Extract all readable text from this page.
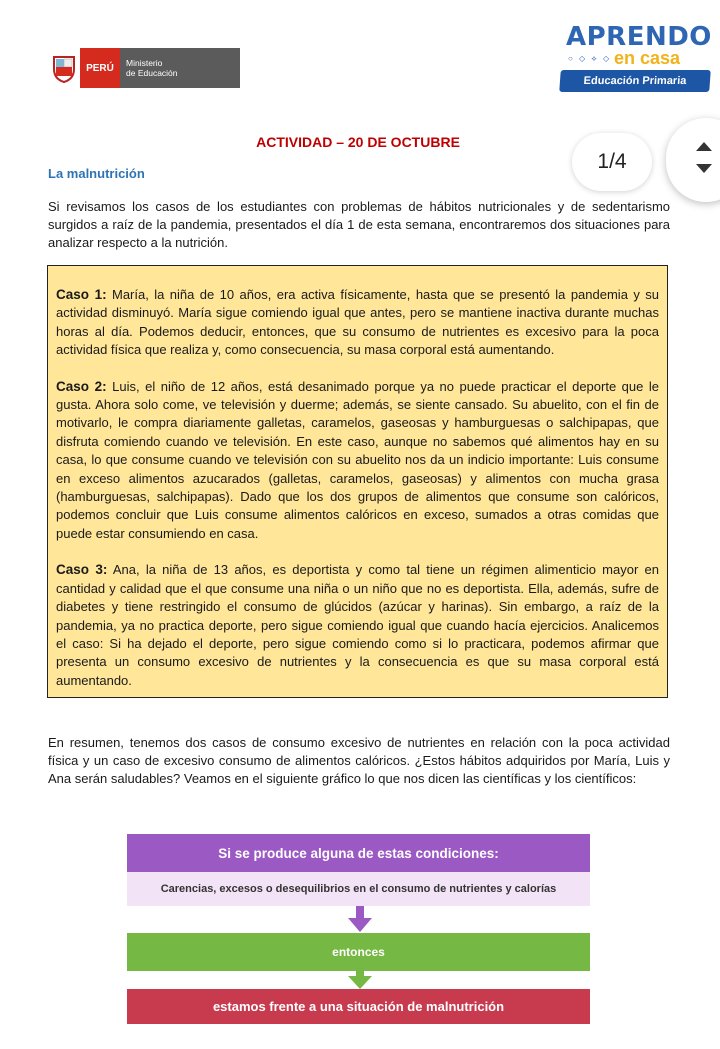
PERÚ	Ministerio
de Educación
APRENDO
○ ◇ ⟡ ◇ en casa
Educación Primaria
1/4
ACTIVIDAD – 20 DE OCTUBRE
La malnutrición
Si revisamos los casos de los estudiantes con problemas de hábitos nutricionales y de sedentarismo surgidos a raíz de la pandemia, presentados el día 1 de esta semana, encontraremos dos situaciones para analizar respecto a la nutrición.

Caso 1: María, la niña de 10 años, era activa físicamente, hasta que se presentó la pandemia y su actividad disminuyó. María sigue comiendo igual que antes, pero se mantiene inactiva durante muchas horas al día. Podemos deducir, entonces, que su consumo de nutrientes es excesivo para la poca actividad física que realiza y, como consecuencia, su masa corporal está aumentando.

Caso 2: Luis, el niño de 12 años, está desanimado porque ya no puede practicar el deporte que le gusta. Ahora solo come, ve televisión y duerme; además, se siente cansado. Su abuelito, con el fin de motivarlo, le compra diariamente galletas, caramelos, gaseosas y hamburguesas o salchipapas, que disfruta comiendo cuando ve televisión. En este caso, aunque no sabemos qué alimentos hay en su casa, lo que consume cuando ve televisión con su abuelito nos da un indicio importante: Luis consume en exceso alimentos azucarados (galletas, caramelos, gaseosas) y alimentos con mucha grasa (hamburguesas, salchipapas). Dado que los dos grupos de alimentos que consume son calóricos, podemos concluir que Luis consume alimentos calóricos en exceso, sumados a otras comidas que puede estar consumiendo en casa.

Caso 3: Ana, la niña de 13 años, es deportista y como tal tiene un régimen alimenticio mayor en cantidad y calidad que el que consume una niña o un niño que no es deportista. Ella, además, sufre de diabetes y tiene restringido el consumo de glúcidos (azúcar y harinas). Sin embargo, a raíz de la pandemia, ya no practica deporte, pero sigue comiendo igual que cuando hacía ejercicios. Analicemos el caso: Si ha dejado el deporte, pero sigue comiendo como si lo practicara, podemos afirmar que presenta un consumo excesivo de nutrientes y la consecuencia es que su masa corporal está aumentando.

En resumen, tenemos dos casos de consumo excesivo de nutrientes en relación con la poca actividad física y un caso de excesivo consumo de alimentos calóricos. ¿Estos hábitos adquiridos por María, Luis y Ana serán saludables? Veamos en el siguiente gráfico lo que nos dicen las científicas y los científicos:
Si se produce alguna de estas condiciones:
Carencias, excesos o desequilibrios en el consumo de nutrientes y calorías
entonces
estamos frente a una situación de malnutrición
